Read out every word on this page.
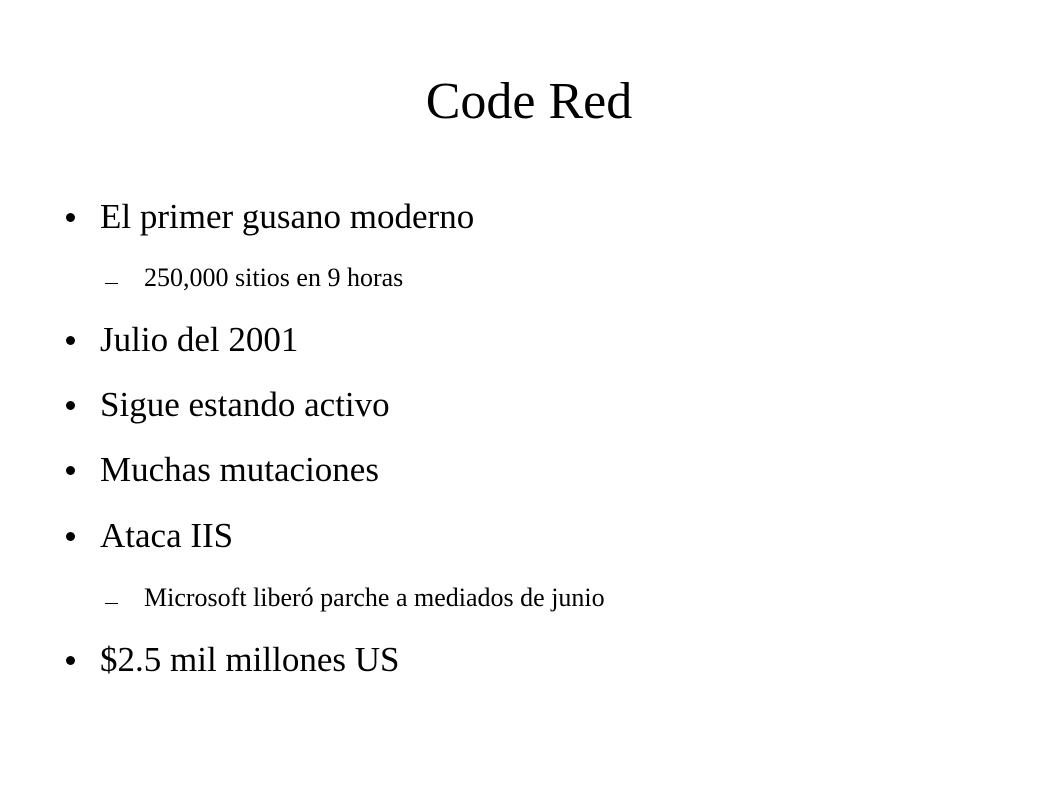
Code Red
El primer gusano moderno
250,000 sitios en 9 horas
Julio del 2001
Sigue estando activo
Muchas mutaciones
Ataca IIS
Microsoft liberó parche a mediados de junio
$2.5 mil millones US
